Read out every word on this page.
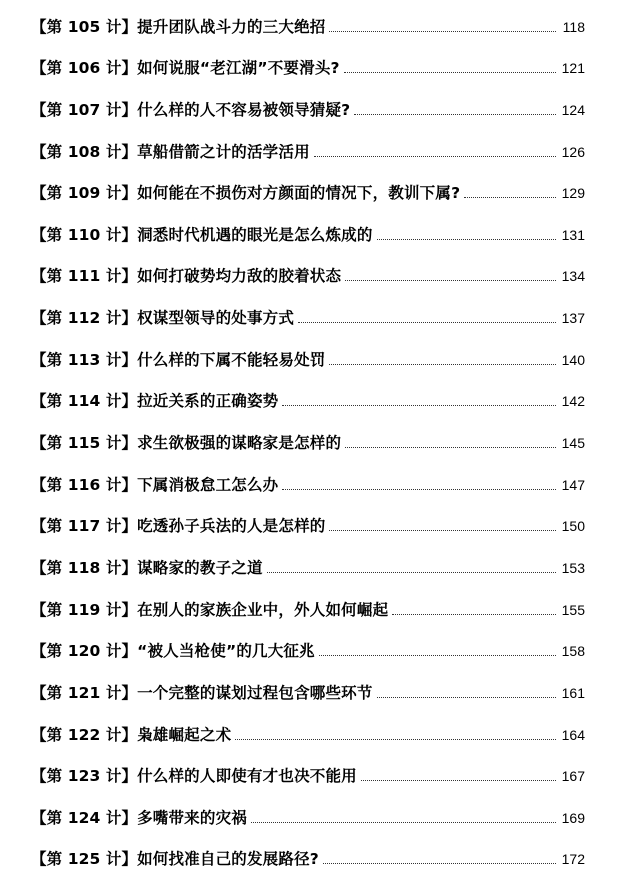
【第 105 计】 提升团队战斗力的三大绝招	118
【第 106 计】 如何说服“老江湖”不要滑头?	121
【第 107 计】 什么样的人不容易被领导猜疑?	124
【第 108 计】 草船借箭之计的活学活用	126
【第 109 计】 如何能在不损伤对方颜面的情况下，教训下属?	129
【第 110 计】 洞悉时代机遇的眼光是怎么炼成的	131
【第 111 计】 如何打破势均力敌的胶着状态	134
【第 112 计】 权谋型领导的处事方式	137
【第 113 计】 什么样的下属不能轻易处罚	140
【第 114 计】 拉近关系的正确姿势	142
【第 115 计】 求生欲极强的谋略家是怎样的	145
【第 116 计】 下属消极怠工怎么办	147
【第 117 计】 吃透孙子兵法的人是怎样的	150
【第 118 计】 谋略家的教子之道	153
【第 119 计】 在别人的家族企业中，外人如何崛起	155
【第 120 计】 “被人当枪使”的几大征兆	158
【第 121 计】 一个完整的谋划过程包含哪些环节	161
【第 122 计】 枭雄崛起之术	164
【第 123 计】 什么样的人即使有才也决不能用	167
【第 124 计】 多嘴带来的灾祸	169
【第 125 计】 如何找准自己的发展路径?	172
